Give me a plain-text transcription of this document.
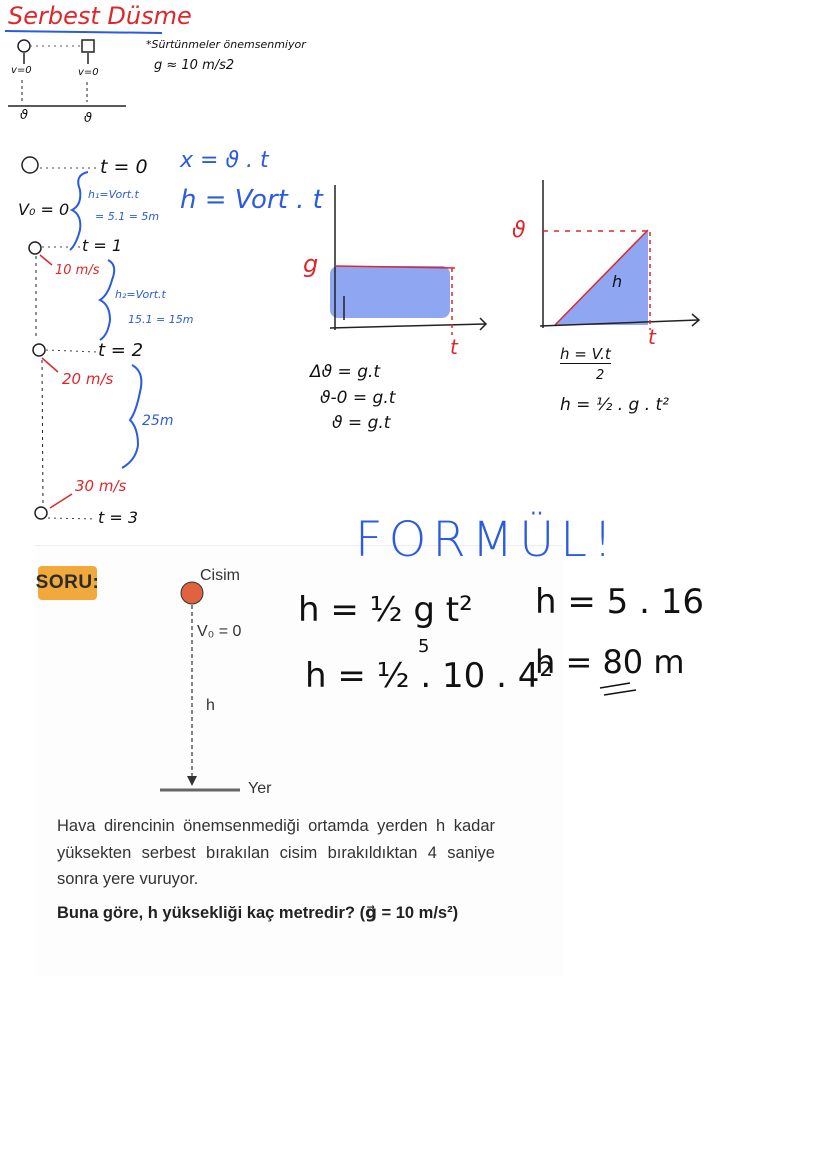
Serbest Düsme
*Sürtünmeler önemsenmiyor
g ≈ 10 m/s2
v=0	v=0
ϑ	ϑ
t = 0
t = 1
t = 2
t = 3
V₀ = 0
h₁=Vort.t
= 5.1 = 5m
h₂=Vort.t
15.1 = 15m
25m
10 m/s
20 m/s
30 m/s
x = ϑ . t
h = Vort . t
g
t
Δϑ = g.t
ϑ-0 = g.t
ϑ = g.t
ϑ
t
h
h = V.t
2
h = ½ . g . t²
FORMÜL!
SORU:	Cisim
V₀ = 0
h
Yer
Hava direncinin önemsenmediği ortamda yerden h kadar yüksekten serbest bırakılan cisim bırakıldıktan 4 saniye sonra yere vuruyor.
Buna göre, h yüksekliği kaç metredir? (g⃗ = 10 m/s²)
h = ½ g t²
5
h = ½ . 10 . 4²
h = 5 . 16
h = 80 m
